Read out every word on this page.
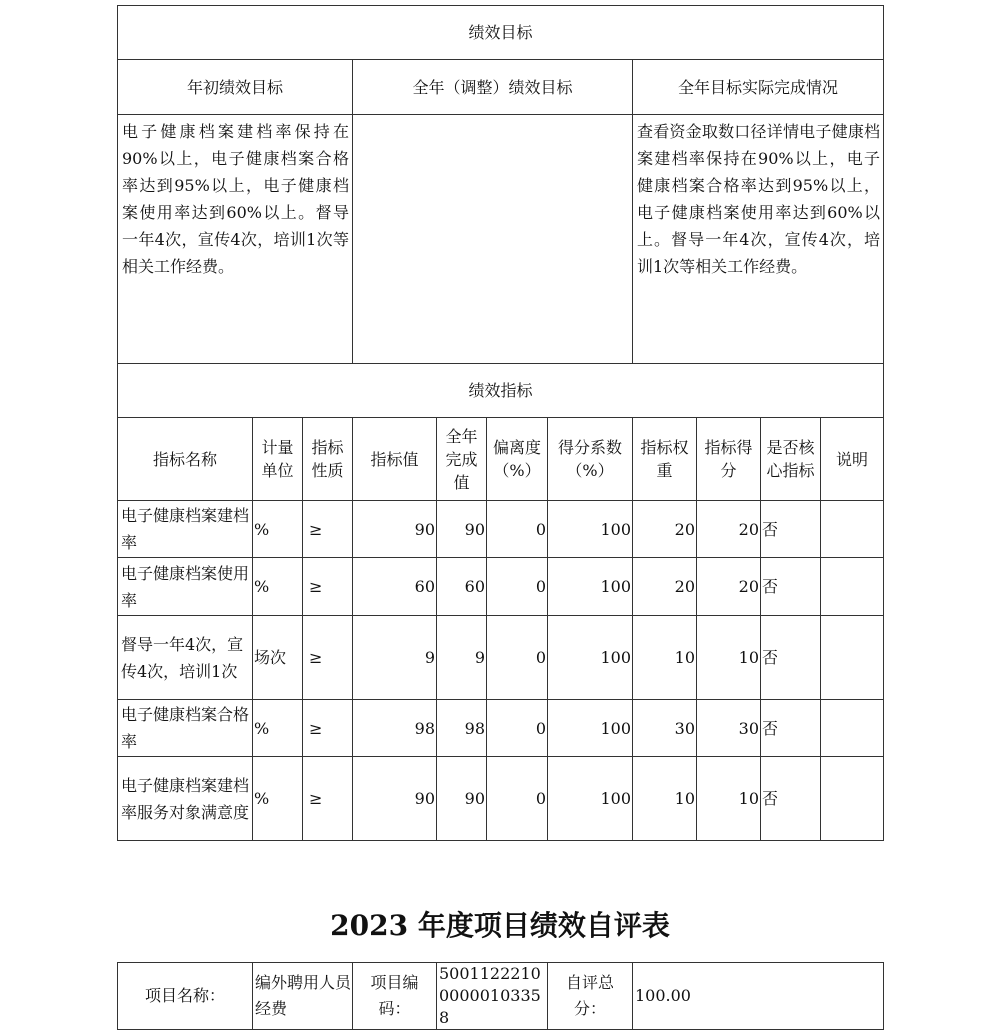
绩效目标										
年初绩效目标			全年（调整）绩效目标				全年目标实际完成情况			
电子健康档案建档率保持在90%以上，电子健康档案合格率达到95%以上，电子健康档案使用率达到60%以上。督导一年4次，宣传4次，培训1次等相关工作经费。							查看资金取数口径详情电子健康档案建档率保持在90%以上，电子健康档案合格率达到95%以上，电子健康档案使用率达到60%以上。督导一年4次，宣传4次，培训1次等相关工作经费。			
绩效指标										
指标名称	计量单位	指标性质	指标值	全年完成值	偏离度（%）	得分系数（%）	指标权重	指标得分	是否核心指标	说明
电子健康档案建档率	%	≥	90	90	0	100	20	20	否	
电子健康档案使用率	%	≥	60	60	0	100	20	20	否	
督导一年4次，宣传4次，培训1次	场次	≥	9	9	0	100	10	10	否	
电子健康档案合格率	%	≥	98	98	0	100	30	30	否	
电子健康档案建档率服务对象满意度	%	≥	90	90	0	100	10	10	否	
2023 年度项目绩效自评表
项目名称：	编外聘用人员经费	项目编码：	500112221000000103358	自评总分：	100.00
